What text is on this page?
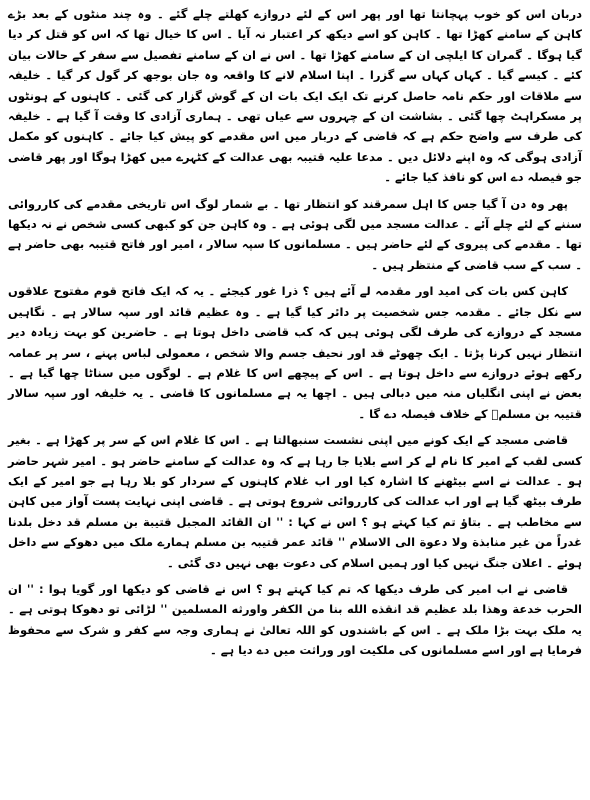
دربان اس کو خوب پہچانتا تھا اور پھر اس کے لئے دروازے کھلتے چلے گئے ۔ وہ چند منٹوں کے بعد بڑے کاہن کے سامنے کھڑا تھا ۔ کاہن کو اسے دیکھ کر اعتبار نہ آیا ۔ اس کا خیال تھا کہ اس کو قتل کر دیا گیا ہوگا ۔ گمران کا ایلچی ان کے سامنے کھڑا تھا ۔ اس نے ان کے سامنے تفصیل سے سفر کے حالات بیان کئے ۔ کیسے گیا ۔ کہاں کہاں سے گزرا ۔ اپنا اسلام لانے کا واقعہ وہ جان بوجھ کر گول کر گیا ۔ خلیفہ سے ملاقات اور حکم نامہ حاصل کرنے تک ایک ایک بات ان کے گوش گزار کی گئی ۔ کاہنوں کے ہونٹوں پر مسکراہٹ چھا گئی ۔ بشاشت ان کے چہروں سے عیاں تھی ۔ ہماری آزادی کا وقت آ گیا ہے ۔ خلیفہ کی طرف سے واضح حکم ہے کہ قاضی کے دربار میں اس مقدمے کو پیش کیا جائے ۔ کاہنوں کو مکمل آزادی ہوگی کہ وہ اپنے دلائل دیں ۔ مدعا علیہ قتیبہ بھی عدالت کے کٹہرے میں کھڑا ہوگا اور پھر قاضی جو فیصلہ دے اس کو نافذ کیا جائے ۔

پھر وہ دن آ گیا جس کا اہل سمرقند کو انتظار تھا ۔ بے شمار لوگ اس تاریخی مقدمے کی کارروائی سننے کے لئے چلے آئے ۔ عدالت مسجد میں لگی ہوئی ہے ۔ وہ کاہن جن کو کبھی کسی شخص نے نہ دیکھا تھا ۔ مقدمے کی پیروی کے لئے حاضر ہیں ۔ مسلمانوں کا سپہ سالار ، امیر اور فاتح قتیبہ بھی حاضر ہے ۔ سب کے سب قاضی کے منتظر ہیں ۔

کاہن کس بات کی امید اور مقدمہ لے آئے ہیں ؟ ذرا غور کیجئے ۔ یہ کہ ایک فاتح قوم مفتوح علاقوں سے نکل جائے ۔ مقدمہ جس شخصیت پر دائر کیا گیا ہے ۔ وہ عظیم قائد اور سپہ سالار ہے ۔ نگاہیں مسجد کے دروازے کی طرف لگی ہوئی ہیں کہ کب قاضی داخل ہوتا ہے ۔ حاضرین کو بہت زیادہ دیر انتظار نہیں کرنا پڑتا ۔ ایک چھوٹے قد اور نحیف جسم والا شخص ، معمولی لباس پہنے ، سر پر عمامہ رکھے ہوئے دروازے سے داخل ہوتا ہے ۔ اس کے پیچھے اس کا غلام ہے ۔ لوگوں میں سناٹا چھا گیا ہے ۔ بعض نے اپنی انگلیاں منہ میں دبالی ہیں ۔ اچھا یہ ہے مسلمانوں کا قاضی ۔ یہ خلیفہ اور سپہ سالار قتیبہ بن مسلمؒ کے خلاف فیصلہ دے گا ۔

قاضی مسجد کے ایک کونے میں اپنی نشست سنبھالتا ہے ۔ اس کا غلام اس کے سر پر کھڑا ہے ۔ بغیر کسی لقب کے امیر کا نام لے کر اسے بلایا جا رہا ہے کہ وہ عدالت کے سامنے حاضر ہو ۔ امیر شہر حاضر ہو ۔ عدالت نے اسے بیٹھنے کا اشارہ کیا اور اب غلام کاہنوں کے سردار کو بلا رہا ہے جو امیر کے ایک طرف بیٹھ گیا ہے اور اب عدالت کی کارروائی شروع ہوتی ہے ۔ قاضی اپنی نہایت پست آواز میں کاہن سے مخاطب ہے ۔ بتاؤ تم کیا کہتے ہو ؟ اس نے کہا : '' ان القائد المجبل قتيبة بن مسلم قد دخل بلدنا غدراً من غير منابذة ولا دعوة الى الاسلام '' قائد عمر قتیبہ بن مسلم ہمارے ملک میں دھوکے سے داخل ہوئے ۔ اعلان جنگ نہیں کیا اور ہمیں اسلام کی دعوت بھی نہیں دی گئی ۔

قاضی نے اب امیر کی طرف دیکھا کہ تم کیا کہتے ہو ؟ اس نے قاضی کو دیکھا اور گویا ہوا : '' ان الحرب خدعة وهذا بلد عظيم قد انقذه الله بنا من الكفر واورثه المسلمين '' لڑائی تو دھوکا ہوتی ہے ۔ یہ ملک بہت بڑا ملک ہے ۔ اس کے باشندوں کو اللہ تعالیٰ نے ہماری وجہ سے کفر و شرک سے محفوظ فرمایا ہے اور اسے مسلمانوں کی ملکیت اور وراثت میں دے دیا ہے ۔
